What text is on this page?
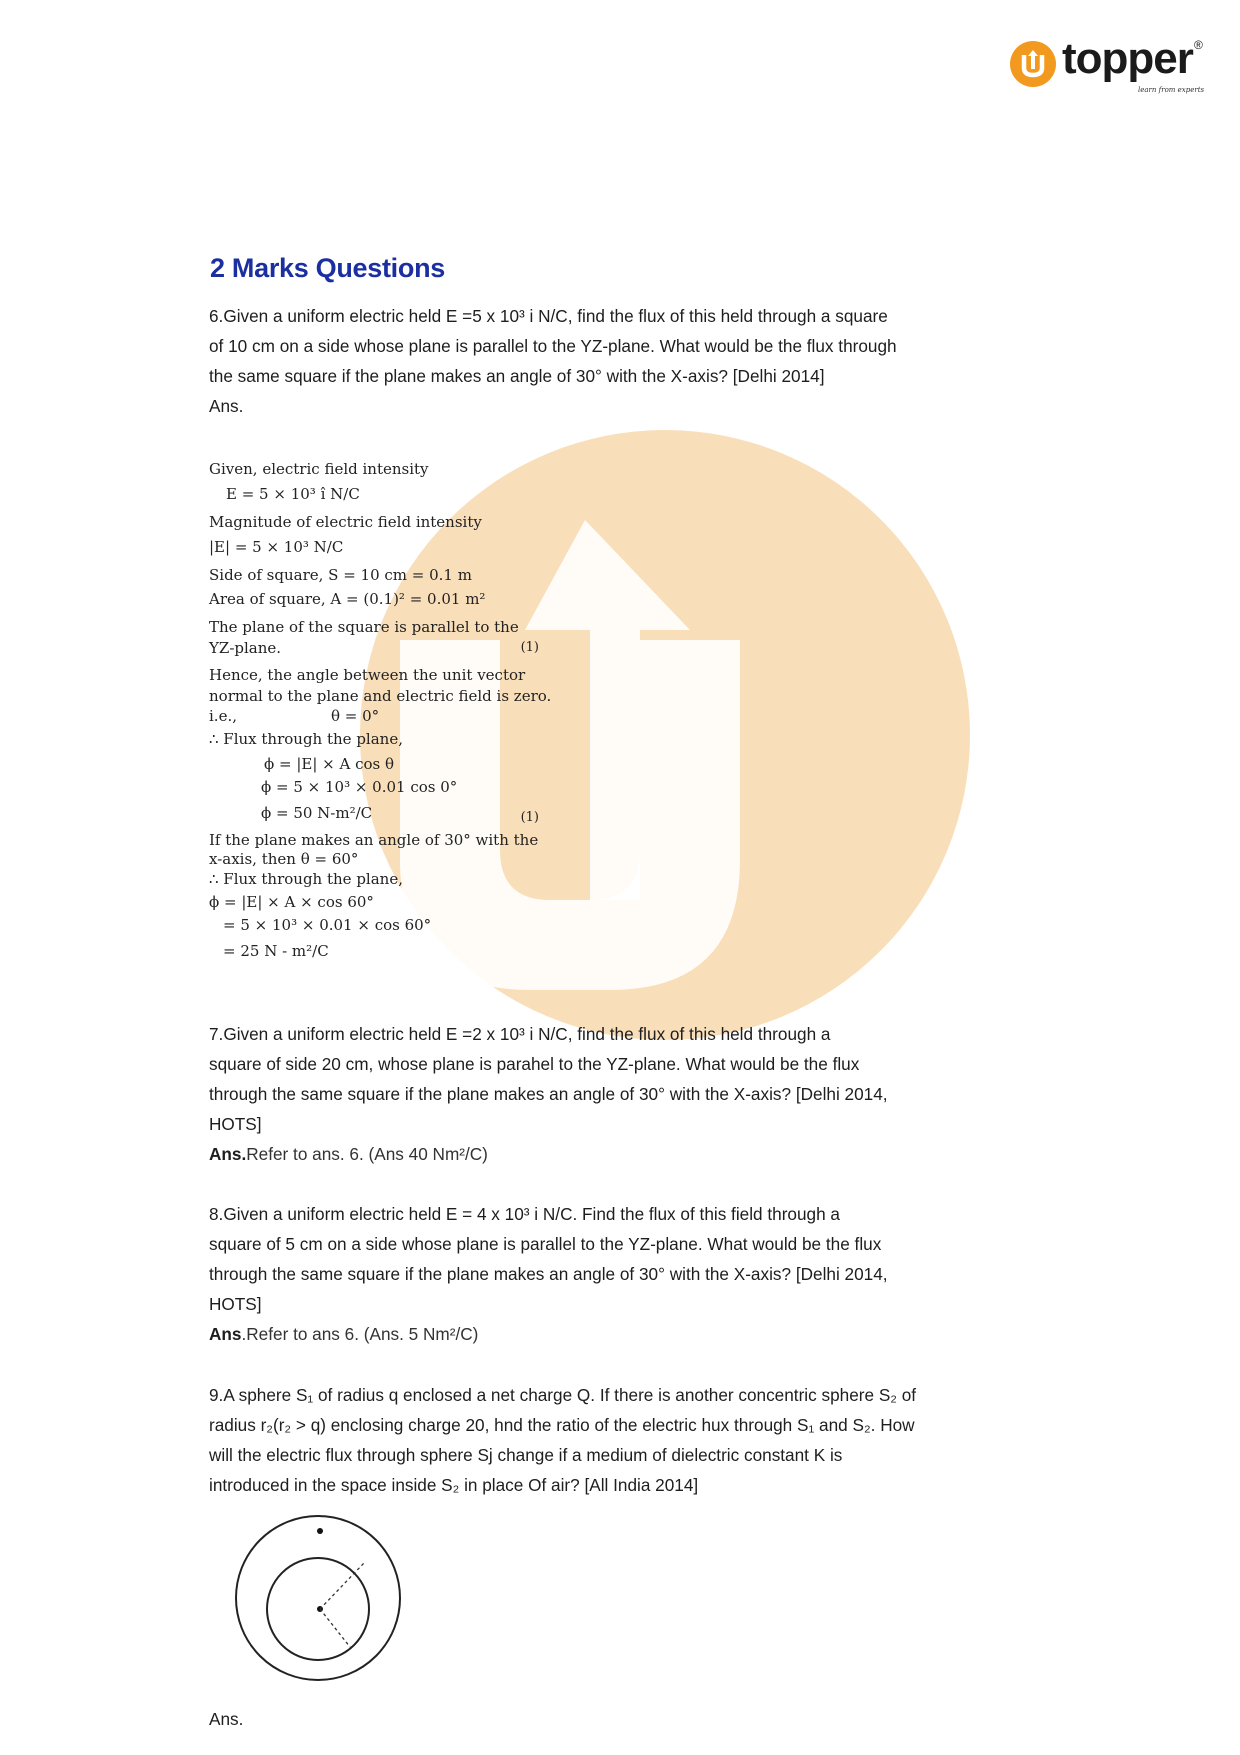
topper ®
learn from experts
2 Marks Questions
6.Given a uniform electric held E =5 x 10³ i N/C, find the flux of this held through a square
of 10 cm on a side whose plane is parallel to the YZ-plane. What would be the flux through
the same square if the plane makes an angle of 30° with the X-axis? [Delhi 2014]
Ans.
Given, electric field intensity
E = 5 × 10³ î N/C
Magnitude of electric field intensity
|E| = 5 × 10³ N/C
Side of square, S = 10 cm = 0.1 m
Area of square, A = (0.1)² = 0.01 m²
The plane of the square is parallel to the
YZ-plane.	(1)
Hence, the angle between the unit vector
normal to the plane and electric field is zero.
i.e.,	θ = 0°
∴ Flux through the plane,
ϕ = |E| × A cos θ
ϕ = 5 × 10³ × 0.01 cos 0°
ϕ = 50 N-m²/C	(1)
If the plane makes an angle of 30° with the
x-axis, then θ = 60°
∴ Flux through the plane,
ϕ = |E| × A × cos 60°
= 5 × 10³ × 0.01 × cos 60°
= 25 N - m²/C
7.Given a uniform electric held E =2 x 10³ i N/C, find the flux of this held through a
square of side 20 cm, whose plane is parahel to the YZ-plane. What would be the flux
through the same square if the plane makes an angle of 30° with the X-axis? [Delhi 2014,
HOTS]
Ans.Refer to ans. 6. (Ans 40 Nm²/C)
8.Given a uniform electric held E = 4 x 10³ i N/C. Find the flux of this field through a
square of 5 cm on a side whose plane is parallel to the YZ-plane. What would be the flux
through the same square if the plane makes an angle of 30° with the X-axis? [Delhi 2014,
HOTS]
Ans.Refer to ans 6. (Ans. 5 Nm²/C)
9.A sphere S₁ of radius q enclosed a net charge Q. If there is another concentric sphere S₂ of
radius r₂(r₂ > q) enclosing charge 20, hnd the ratio of the electric hux through S₁ and S₂. How
will the electric flux through sphere Sj change if a medium of dielectric constant K is
introduced in the space inside S₂ in place Of air? [All India 2014]
Ans.
